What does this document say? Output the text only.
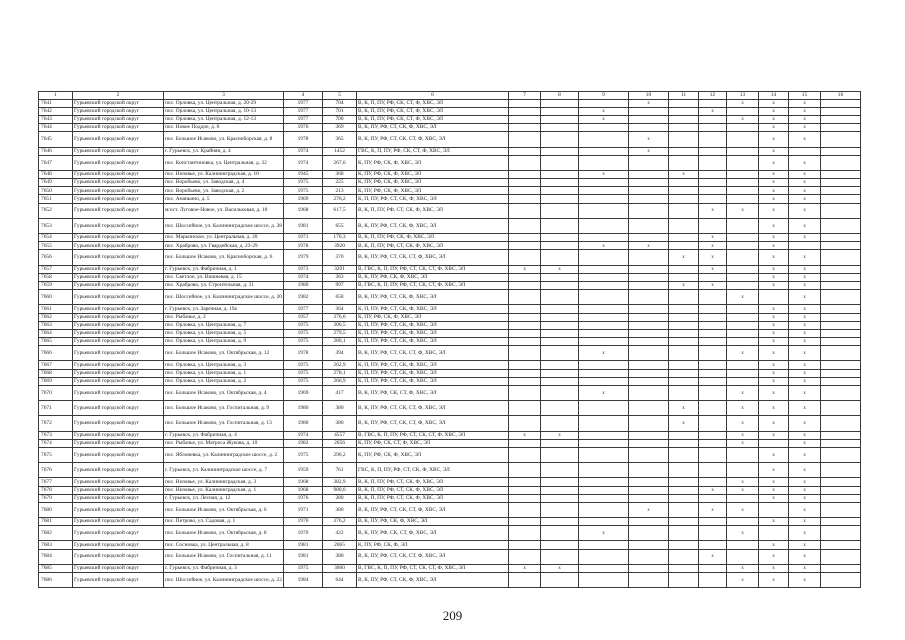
1	2	3	4	5	6	7	8	9	10	11	12	13	14	15	16
7641	Гурьевский городской округ	пос. Орловка, ул. Центральная, д. 20-29	1977	704	В, К, П, ПУ, РФ, СК, СТ, Ф, ХВС, ЭЛ				х			х	х	х	
7642	Гурьевский городской округ	пос. Орловка, ул. Центральная, д. 10-13	1977	701	В, К, П, ПУ, РФ, СК, СТ, Ф, ХВС, ЭЛ			х			х		х	х	
7643	Гурьевский городской округ	пос. Орловка, ул. Центральная, д. 12-13	1977	700	В, К, П, ПУ, РФ, СК, СТ, Ф, ХВС, ЭЛ			х				х	х	х	
7644	Гурьевский городской округ	пос. Новое Поддое, д. 6	1976	369	В, К, ПУ, РФ, СТ, СК, Ф, ХВС, ЭЛ								х	х	
7645	Гурьевский городской округ	пос. Большое Исаково, ул. Красноборская, д. 8	1978	365	В, К, ПУ, РФ, СТ, СК, СТ, Ф, ХВС, ЭЛ				х				х	х	
7646	Гурьевский городской округ	г. Гурьевск, ул. Крайняя, д. 4	1974	1452	ГВС, К, П, ПУ, РФ, СК, СТ, Ф, ХВС, ЭЛ				х				х		
7647	Гурьевский городской округ	пос. Константиновка, ул. Центральная, д. 32	1974	267,6	К, ПУ, РФ, СК, Ф, ХВС, ЭЛ								х	х	
7648	Гурьевский городской округ	пос. Низовье, ул. Калининградская, д. 10	1945	368	К, ПУ, РФ, СК, Ф, ХВС, ЭЛ			х		х			х	х	
7649	Гурьевский городской округ	пос. Воробьево, ул. Заводская, д. 4	1975	225	К, ПУ, РФ, СК, Ф, ХВС, ЭЛ								х	х	
7650	Гурьевский городской округ	пос. Воробьево, ул. Заводская, д. 2	1975	213	К, ПУ, РФ, СК, Ф, ХВС, ЭЛ								х	х	
7651	Гурьевский городской округ	пос. Ананьино, д. 5	1969	276,2	К, П, ПУ, РФ, СТ, СК, Ф, ХВС, ЭЛ								х	х	
7652	Гурьевский городской округ	м/ост. Луговое-Новое, ул. Васильковая, д. 10	1968	617,5	В, К, П, ПУ, РФ, СТ, СК, Ф, ХВС, ЭЛ						х	х	х	х	
7653	Гурьевский городской округ	пос. Шоссейное, ул. Калининградское шоссе, д. 28	1981	655	В, К, ПУ, РФ, СТ, СК, Ф, ХВС, ЭЛ								х	х	
7654	Гурьевский городской округ	пос. Марьинское, ул. Центральная, д. 20	1971	170,3	В, К, П, ПУ, РФ, СК, Ф, ХВС, ЭЛ						х		х	х	
7655	Гурьевский городской округ	пос. Храброво, ул. Гвардейская, д. 23-29	1978	3920	В, К, П, ПУ, РФ, СТ, СК, Ф, ХВС, ЭЛ			х	х		х		х		
7656	Гурьевский городской округ	пос. Большое Исаково, ул. Красноборская, д. 6	1979	370	В, К, ПУ, РФ, СТ, СК, СТ, Ф, ХВС, ЭЛ					х	х		х	х	
7657	Гурьевский городской округ	г. Гурьевск, ул. Фабричная, д. 1	1973	3201	В, ГВС, К, П, ПУ, РФ, СТ, СК, СТ, Ф, ХВС, ЭЛ	х	х				х		х	х	
7658	Гурьевский городской округ	пос. Светлое, ул. Вишневая, д. 15	1974	363	В, К, ПУ, РФ, СК, Ф, ХВС, ЭЛ								х	х	
7659	Гурьевский городской округ	пос. Храброво, ул. Строительная, д. 31	1980	997	В, ГВС, К, П, ПУ, РФ, СТ, СК, СТ, Ф, ХВС, ЭЛ					х	х		х	х	
7660	Гурьевский городской округ	пос. Шоссейное, ул. Калининградское шоссе, д. 20	1982	658	В, К, ПУ, РФ, СТ, СК, Ф, ХВС, ЭЛ							х		х	
7661	Гурьевский городской округ	г. Гурьевск, ул. Заречная, д. 19а	1977	364	К, П, ПУ, РФ, СТ, СК, Ф, ХВС, ЭЛ								х	х	
7662	Гурьевский городской округ	пос. Рыбачье, д. 2	1957	376,6	К, ПУ, РФ, СК, Ф, ХВС, ЭЛ								х	х	
7663	Гурьевский городской округ	пос. Орловка, ул. Центральная, д. 7	1975	306,5	К, П, ПУ, РФ, СТ, СК, Ф, ХВС, ЭЛ								х	х	
7664	Гурьевский городской округ	пос. Орловка, ул. Центральная, д. 5	1975	279,5	К, П, ПУ, РФ, СТ, СК, Ф, ХВС, ЭЛ								х	х	
7665	Гурьевский городской округ	пос. Орловка, ул. Центральная, д. 9	1975	280,1	К, П, ПУ, РФ, СТ, СК, Ф, ХВС, ЭЛ								х	х	
7666	Гурьевский городской округ	пос. Большое Исаково, ул. Октябрьская, д. 12	1978	394	В, К, ПУ, РФ, СТ, СК, СТ, Ф, ХВС, ЭЛ			х				х	х	х	
7667	Гурьевский городской округ	пос. Орловка, ул. Центральная, д. 3	1975	262,9	К, П, ПУ, РФ, СТ, СК, Ф, ХВС, ЭЛ								х	х	
7668	Гурьевский городской округ	пос. Орловка, ул. Центральная, д. 1	1975	278,1	К, П, ПУ, РФ, СТ, СК, Ф, ХВС, ЭЛ								х	х	
7669	Гурьевский городской округ	пос. Орловка, ул. Центральная, д. 2	1975	266,9	К, П, ПУ, РФ, СТ, СК, Ф, ХВС, ЭЛ								х	х	
7670	Гурьевский городской округ	пос. Большое Исаково, ул. Октябрьская, д. 4	1969	417	В, К, ПУ, РФ, СК, СТ, Ф, ХВС, ЭЛ			х				х	х	х	
7671	Гурьевский городской округ	пос. Большое Исаково, ул. Госпитальная, д. 9	1980	380	В, К, ПУ, РФ, СТ, СК, СТ, Ф, ХВС, ЭЛ					х		х	х	х	
7672	Гурьевский городской округ	пос. Большое Исаково, ул. Госпитальная, д. 13	1980	380	В, К, ПУ, РФ, СТ, СК, СТ, Ф, ХВС, ЭЛ					х		х	х	х	
7673	Гурьевский городской округ	г. Гурьевск, ул. Фабричная, д. 4	1974	4557	В, ГВС, К, П, ПУ, РФ, СТ, СК, СТ, Ф, ХВС, ЭЛ	х	х					х	х	х	
7674	Гурьевский городской округ	пос. Рыбачье, ул. Матроса Жукова, д. 10	1982	2056	К, ПУ, РФ, СК, СТ, Ф, ХВС, ЭЛ							х		х	
7675	Гурьевский городской округ	пос. Яблоневка, ул. Калининградское шоссе, д. 2	1975	296,2	К, ПУ, РФ, СК, Ф, ХВС, ЭЛ								х	х	
7676	Гурьевский городской округ	г. Гурьевск, ул. Калининградское шоссе, д. 7	1959	761	ГВС, К, П, ПУ, РФ, СТ, СК, Ф, ХВС, ЭЛ								х	х	
7677	Гурьевский городской округ	пос. Низовье, ул. Калининградская, д. 3	1968	382,9	В, К, П, ПУ, РФ, СТ, СК, Ф, ХВС, ЭЛ							х	х	х	
7678	Гурьевский городской округ	пос. Низовье, ул. Калининградская, д. 1	1968	980,6	В, К, П, ПУ, РФ, СТ, СК, Ф, ХВС, ЭЛ						х	х	х	х	
7679	Гурьевский городской округ	г. Гурьевск, ул. Лесная, д. 12	1976	280	В, К, П, ПУ, РФ, СТ, СК, Ф, ХВС, ЭЛ								х	х	
7680	Гурьевский городской округ	пос. Большое Исаково, ул. Октябрьская, д. 6	1971	380	В, К, ПУ, РФ, СТ, СК, СТ, Ф, ХВС, ЭЛ				х		х	х		х	
7681	Гурьевский городской округ	пос. Петрово, ул. Садовая, д. 1	1976	376,2	В, К, ПУ, РФ, СК, Ф, ХВС, ЭЛ								х	х	
7682	Гурьевский городской округ	пос. Большое Исаково, ул. Октябрьская, д. 8	1970	422	В, К, ПУ, РФ, СК, СТ, Ф, ХВС, ЭЛ			х				х		х	
7683	Гурьевский городской округ	пос. Сосновка, ул. Центральная, д. 8	1981	2065	К, ПУ, РФ, СК, Ф, ЭЛ								х	х	
7684	Гурьевский городской округ	пос. Большое Исаково, ул. Госпитальная, д. 11	1981	380	В, К, ПУ, РФ, СТ, СК, СТ, Ф, ХВС, ЭЛ						х		х	х	
7685	Гурьевский городской округ	г. Гурьевск, ул. Фабричная, д. 3	1975	3060	В, ГВС, К, П, ПУ, РФ, СТ, СК, СТ, Ф, ХВС, ЭЛ	х	х					х	х	х	
7686	Гурьевский городской округ	пос. Шоссейное, ул. Калининградское шоссе, д. 22	1984	644	В, К, ПУ, РФ, СТ, СК, Ф, ХВС, ЭЛ							х	х	х	
209
